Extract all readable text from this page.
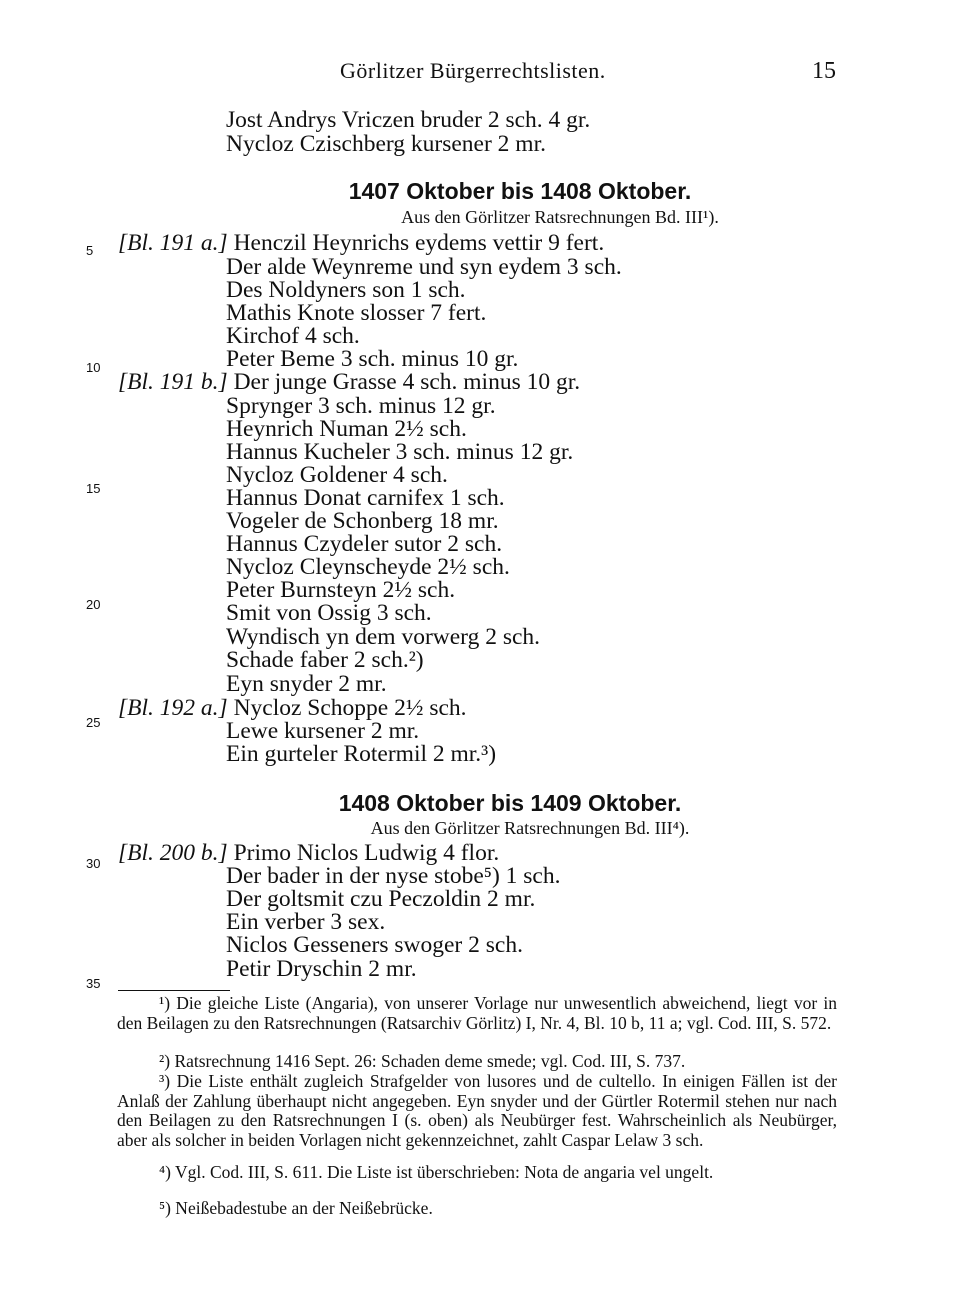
Görlitzer Bürgerrechtslisten.	15
Jost Andrys Vriczen bruder 2 sch. 4 gr.
Nycloz Czischberg kursener 2 mr.
1407 Oktober bis 1408 Oktober.
Aus den Görlitzer Ratsrechnungen Bd. III¹).
[Bl. 191 a.] Henczil Heynrichs eydems vettir 9 fert.
Der alde Weynreme und syn eydem 3 sch.
Des Noldyners son 1 sch.
Mathis Knote slosser 7 fert.
Kirchof 4 sch.
Peter Beme 3 sch. minus 10 gr.
[Bl. 191 b.] Der junge Grasse 4 sch. minus 10 gr.
Sprynger 3 sch. minus 12 gr.
Heynrich Numan 2½ sch.
Hannus Kucheler 3 sch. minus 12 gr.
Nycloz Goldener 4 sch.
Hannus Donat carnifex 1 sch.
Vogeler de Schonberg 18 mr.
Hannus Czydeler sutor 2 sch.
Nycloz Cleynscheyde 2½ sch.
Peter Burnsteyn 2½ sch.
Smit von Ossig 3 sch.
Wyndisch yn dem vorwerg 2 sch.
Schade faber 2 sch.²)
Eyn snyder 2 mr.
[Bl. 192 a.] Nycloz Schoppe 2½ sch.
Lewe kursener 2 mr.
Ein gurteler Rotermil 2 mr.³)
1408 Oktober bis 1409 Oktober.
Aus den Görlitzer Ratsrechnungen Bd. III⁴).
[Bl. 200 b.] Primo Niclos Ludwig 4 flor.
Der bader in der nyse stobe⁵) 1 sch.
Der goltsmit czu Peczoldin 2 mr.
Ein verber 3 sex.
Niclos Gesseners swoger 2 sch.
Petir Dryschin 2 mr.
5
10
15
20
25
30
35
¹) Die gleiche Liste (Angaria), von unserer Vorlage nur unwesentlich abweichend, liegt vor in den Beilagen zu den Ratsrechnungen (Ratsarchiv Görlitz) I, Nr. 4, Bl. 10 b, 11 a; vgl. Cod. III, S. 572.
²) Ratsrechnung 1416 Sept. 26: Schaden deme smede; vgl. Cod. III, S. 737.
³) Die Liste enthält zugleich Strafgelder von lusores und de cultello. In einigen Fällen ist der Anlaß der Zahlung überhaupt nicht angegeben. Eyn snyder und der Gürtler Rotermil stehen nur nach den Beilagen zu den Ratsrechnungen I (s. oben) als Neubürger fest. Wahrscheinlich als Neubürger, aber als solcher in beiden Vorlagen nicht gekennzeichnet, zahlt Caspar Lelaw 3 sch.
⁴) Vgl. Cod. III, S. 611. Die Liste ist überschrieben: Nota de angaria vel ungelt.
⁵) Neißebadestube an der Neißebrücke.
